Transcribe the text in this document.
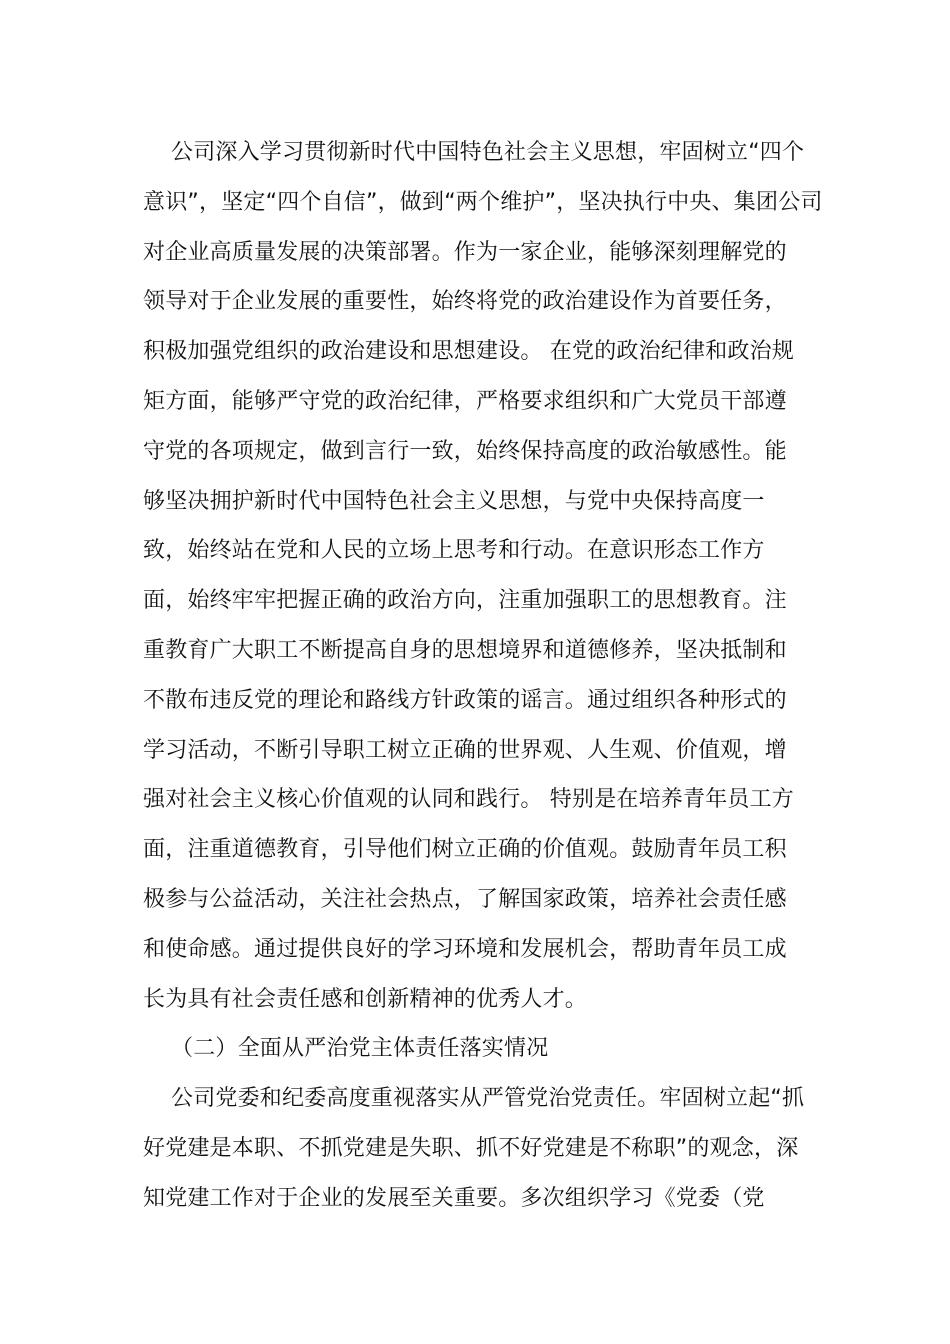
公司深入学习贯彻新时代中国特色社会主义思想，牢固树立“四个
意识”，坚定“四个自信”，做到“两个维护”，坚决执行中央、集团公司
对企业高质量发展的决策部署。作为一家企业，能够深刻理解党的
领导对于企业发展的重要性，始终将党的政治建设作为首要任务，
积极加强党组织的政治建设和思想建设。 在党的政治纪律和政治规
矩方面，能够严守党的政治纪律，严格要求组织和广大党员干部遵
守党的各项规定，做到言行一致，始终保持高度的政治敏感性。能
够坚决拥护新时代中国特色社会主义思想，与党中央保持高度一
致，始终站在党和人民的立场上思考和行动。在意识形态工作方
面，始终牢牢把握正确的政治方向，注重加强职工的思想教育。注
重教育广大职工不断提高自身的思想境界和道德修养，坚决抵制和
不散布违反党的理论和路线方针政策的谣言。通过组织各种形式的
学习活动，不断引导职工树立正确的世界观、人生观、价值观，增
强对社会主义核心价值观的认同和践行。 特别是在培养青年员工方
面，注重道德教育，引导他们树立正确的价值观。鼓励青年员工积
极参与公益活动，关注社会热点，了解国家政策，培养社会责任感
和使命感。通过提供良好的学习环境和发展机会，帮助青年员工成
长为具有社会责任感和创新精神的优秀人才。
（二）全面从严治党主体责任落实情况
公司党委和纪委高度重视落实从严管党治党责任。牢固树立起“抓
好党建是本职、不抓党建是失职、抓不好党建是不称职”的观念，深
知党建工作对于企业的发展至关重要。多次组织学习《党委（党
